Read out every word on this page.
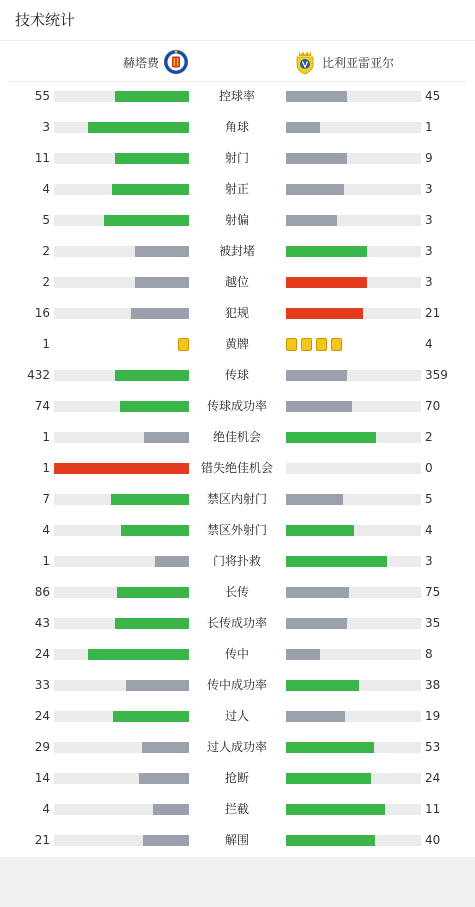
技术统计
赫塔费	比利亚雷亚尔
55	控球率	45
3	角球	1
11	射门	9
4	射正	3
5	射偏	3
2	被封堵	3
2	越位	3
16	犯规	21
1	黄牌	4
432	传球	359
74	传球成功率	70
1	绝佳机会	2
1	错失绝佳机会	0
7	禁区内射门	5
4	禁区外射门	4
1	门将扑救	3
86	长传	75
43	长传成功率	35
24	传中	8
33	传中成功率	38
24	过人	19
29	过人成功率	53
14	抢断	24
4	拦截	11
21	解围	40
